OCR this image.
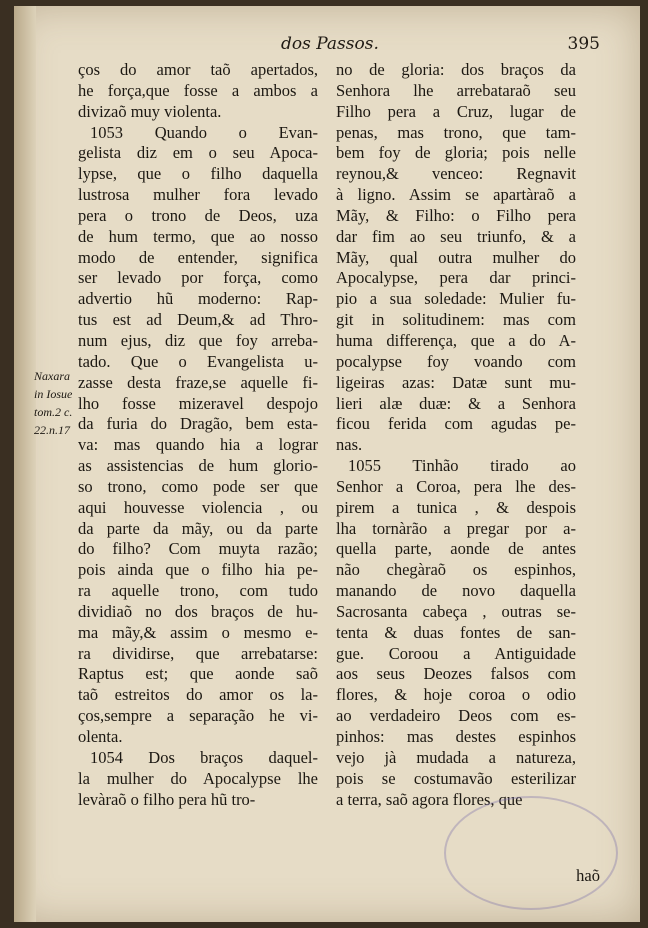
dos Passos.	395
Naxara
in Iosue
tom.2 c.
22.n.17
ços do amor taõ apertados,
he força,que fosse a ambos a
divizaõ muy violenta.
1053 Quando o Evan-
gelista diz em o seu Apoca-
lypse, que o filho daquella
lustrosa mulher fora levado
pera o trono de Deos, uza
de hum termo, que ao nosso
modo de entender, significa
ser levado por força, como
advertio hũ moderno: Rap-
tus est ad Deum,& ad Thro-
num ejus, diz que foy arreba-
tado. Que o Evangelista u-
zasse desta fraze,se aquelle fi-
lho fosse mizeravel despojo
da furia do Dragão, bem esta-
va: mas quando hia a lograr
as assistencias de hum glorio-
so trono, como pode ser que
aqui houvesse violencia , ou
da parte da mãy, ou da parte
do filho? Com muyta razão;
pois ainda que o filho hia pe-
ra aquelle trono, com tudo
dividiaõ no dos braços de hu-
ma mãy,& assim o mesmo e-
ra dividirse, que arrebatarse:
Raptus est; que aonde saõ
taõ estreitos do amor os la-
ços,sempre a separação he vi-
olenta.
1054 Dos braços daquel-
la mulher do Apocalypse lhe
levàraõ o filho pera hũ tro-
no de gloria: dos braços da
Senhora lhe arrebataraõ seu
Filho pera a Cruz, lugar de
penas, mas trono, que tam-
bem foy de gloria; pois nelle
reynou,& venceo: Regnavit
à ligno. Assim se apartàraõ a
Mãy, & Filho: o Filho pera
dar fim ao seu triunfo, & a
Mãy, qual outra mulher do
Apocalypse, pera dar princi-
pio a sua soledade: Mulier fu-
git in solitudinem: mas com
huma differença, que a do A-
pocalypse foy voando com
ligeiras azas: Datæ sunt mu-
lieri alæ duæ: & a Senhora
ficou ferida com agudas pe-
nas.
1055 Tinhão tirado ao
Senhor a Coroa, pera lhe des-
pirem a tunica , & despois
lha tornàrão a pregar por a-
quella parte, aonde de antes
não chegàraõ os espinhos,
manando de novo daquella
Sacrosanta cabeça , outras se-
tenta & duas fontes de san-
gue. Coroou a Antiguidade
aos seus Deozes falsos com
flores, & hoje coroa o odio
ao verdadeiro Deos com es-
pinhos: mas destes espinhos
vejo jà mudada a natureza,
pois se costumavão esterilizar
a terra, saõ agora flores, que
haõ
